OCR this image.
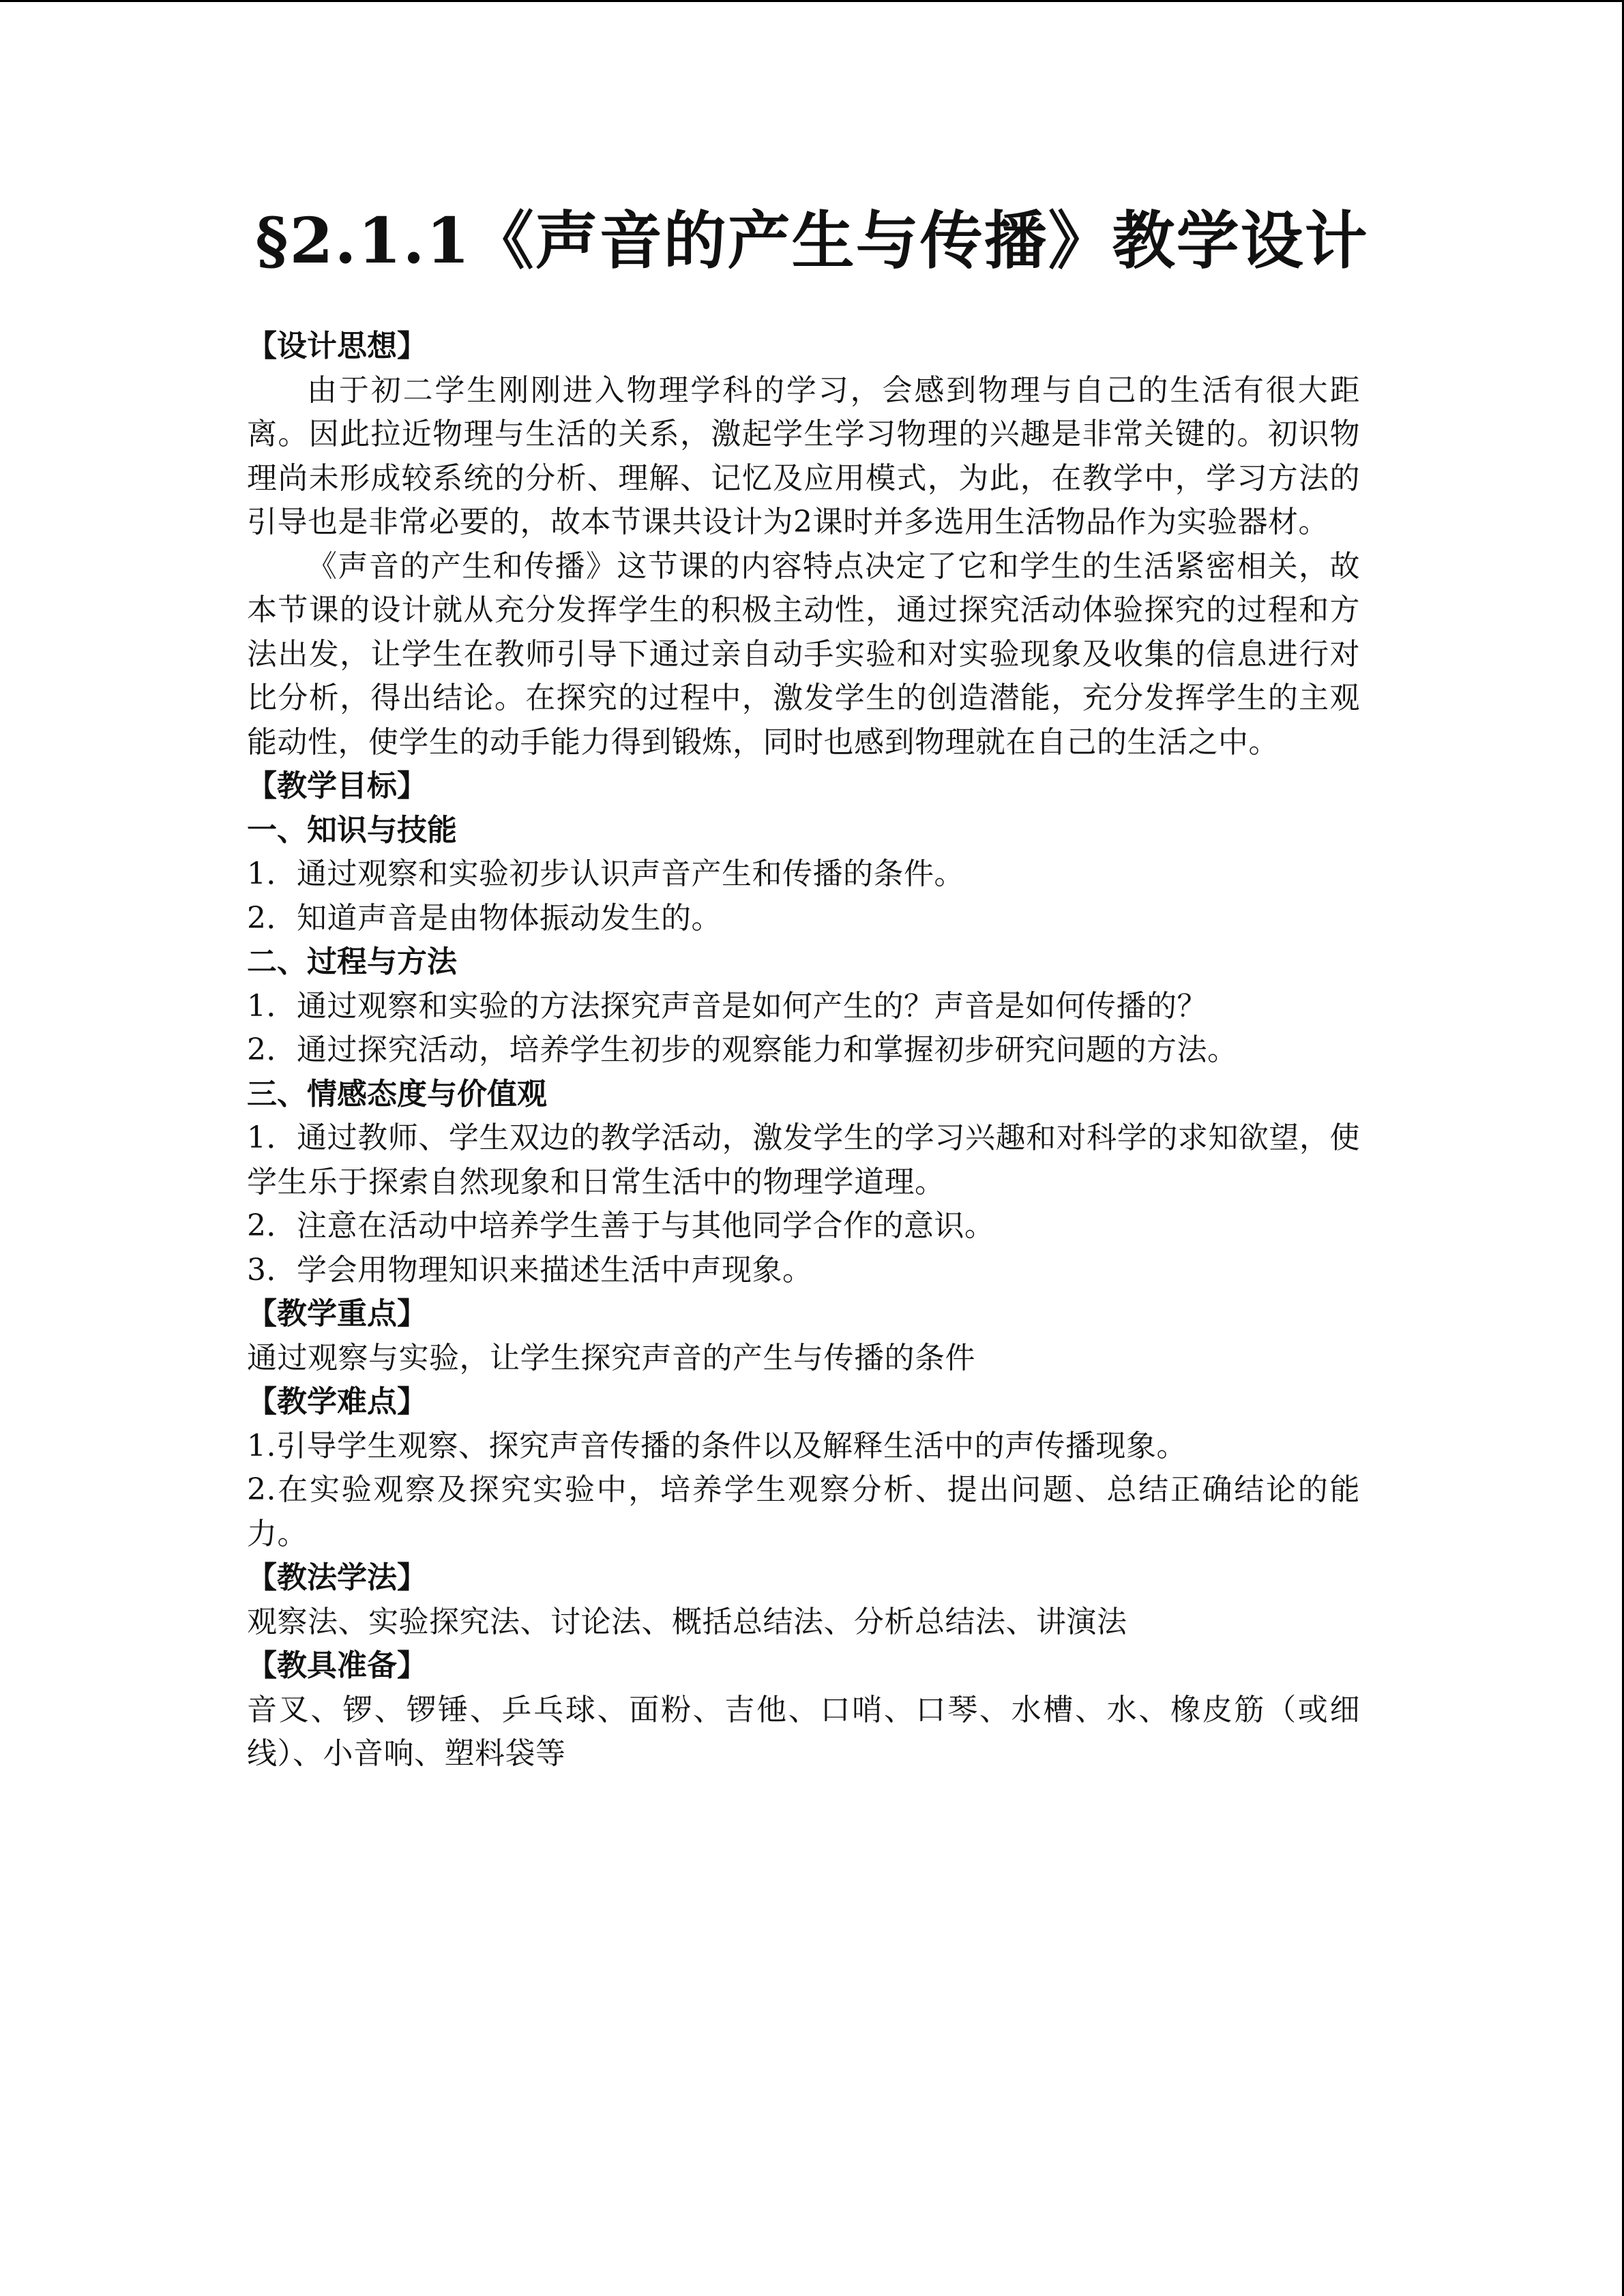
§2.1.1《声音的产生与传播》教学设计
【设计思想】
由于初二学生刚刚进入物理学科的学习，会感到物理与自己的生活有很大距离。因此拉近物理与生活的关系，激起学生学习物理的兴趣是非常关键的。初识物理尚未形成较系统的分析、理解、记忆及应用模式，为此，在教学中，学习方法的引导也是非常必要的，故本节课共设计为2课时并多选用生活物品作为实验器材。
《声音的产生和传播》这节课的内容特点决定了它和学生的生活紧密相关，故本节课的设计就从充分发挥学生的积极主动性，通过探究活动体验探究的过程和方法出发，让学生在教师引导下通过亲自动手实验和对实验现象及收集的信息进行对比分析，得出结论。在探究的过程中，激发学生的创造潜能，充分发挥学生的主观能动性，使学生的动手能力得到锻炼，同时也感到物理就在自己的生活之中。
【教学目标】
一、知识与技能
1．通过观察和实验初步认识声音产生和传播的条件。
2．知道声音是由物体振动发生的。
二、过程与方法
1．通过观察和实验的方法探究声音是如何产生的？声音是如何传播的？
2．通过探究活动，培养学生初步的观察能力和掌握初步研究问题的方法。
三、情感态度与价值观
1．通过教师、学生双边的教学活动，激发学生的学习兴趣和对科学的求知欲望，使学生乐于探索自然现象和日常生活中的物理学道理。
2．注意在活动中培养学生善于与其他同学合作的意识。
3．学会用物理知识来描述生活中声现象。
【教学重点】
通过观察与实验，让学生探究声音的产生与传播的条件
【教学难点】
1.引导学生观察、探究声音传播的条件以及解释生活中的声传播现象。
2.在实验观察及探究实验中，培养学生观察分析、提出问题、总结正确结论的能力。
【教法学法】
观察法、实验探究法、讨论法、概括总结法、分析总结法、讲演法
【教具准备】
音叉、锣、锣锤、乒乓球、面粉、吉他、口哨、口琴、水槽、水、橡皮筋（或细线）、小音响、塑料袋等
